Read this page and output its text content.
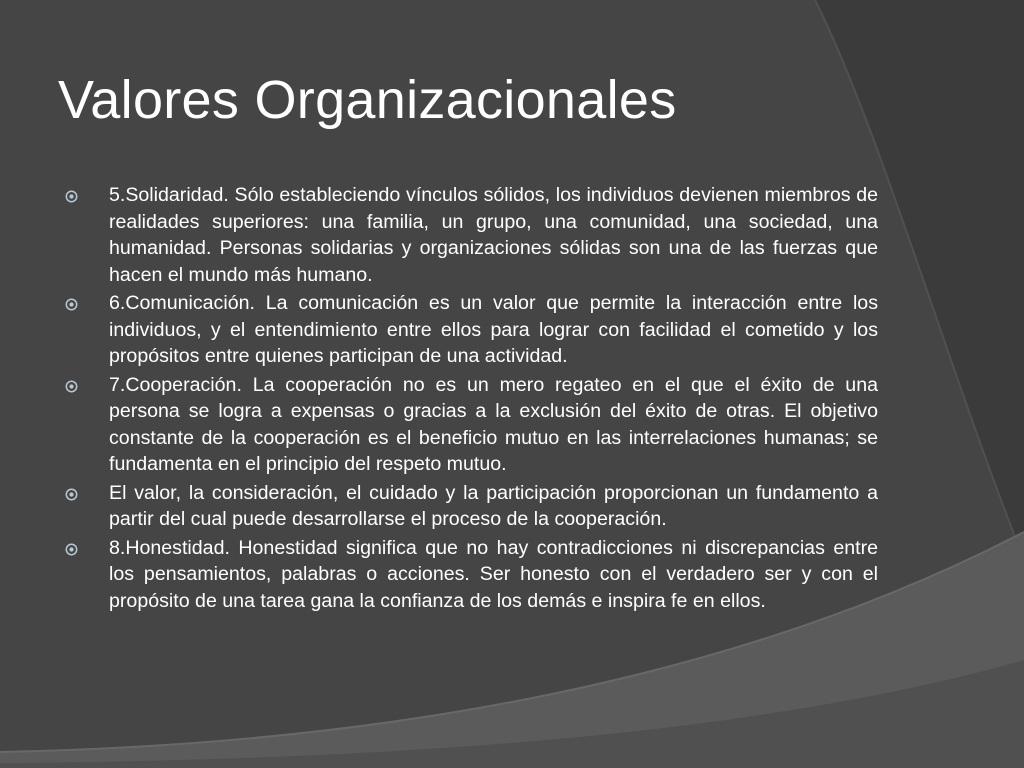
Valores Organizacionales
5.Solidaridad. Sólo estableciendo vínculos sólidos, los individuos devienen miembros de realidades superiores: una familia, un grupo, una comunidad, una sociedad, una humanidad. Personas solidarias y organizaciones sólidas son una de las fuerzas que hacen el mundo más humano.
6.Comunicación. La comunicación es un valor que permite la interacción entre los individuos, y el entendimiento entre ellos para lograr con facilidad el cometido y los propósitos entre quienes participan de una actividad.
7.Cooperación. La cooperación no es un mero regateo en el que el éxito de una persona se logra a expensas o gracias a la exclusión del éxito de otras. El objetivo constante de la cooperación es el beneficio mutuo en las interrelaciones humanas; se fundamenta en el principio del respeto mutuo.
El valor, la consideración, el cuidado y la participación proporcionan un fundamento a partir del cual puede desarrollarse el proceso de la cooperación.
8.Honestidad. Honestidad significa que no hay contradicciones ni discrepancias entre los pensamientos, palabras o acciones. Ser honesto con el verdadero ser y con el propósito de una tarea gana la confianza de los demás e inspira fe en ellos.
